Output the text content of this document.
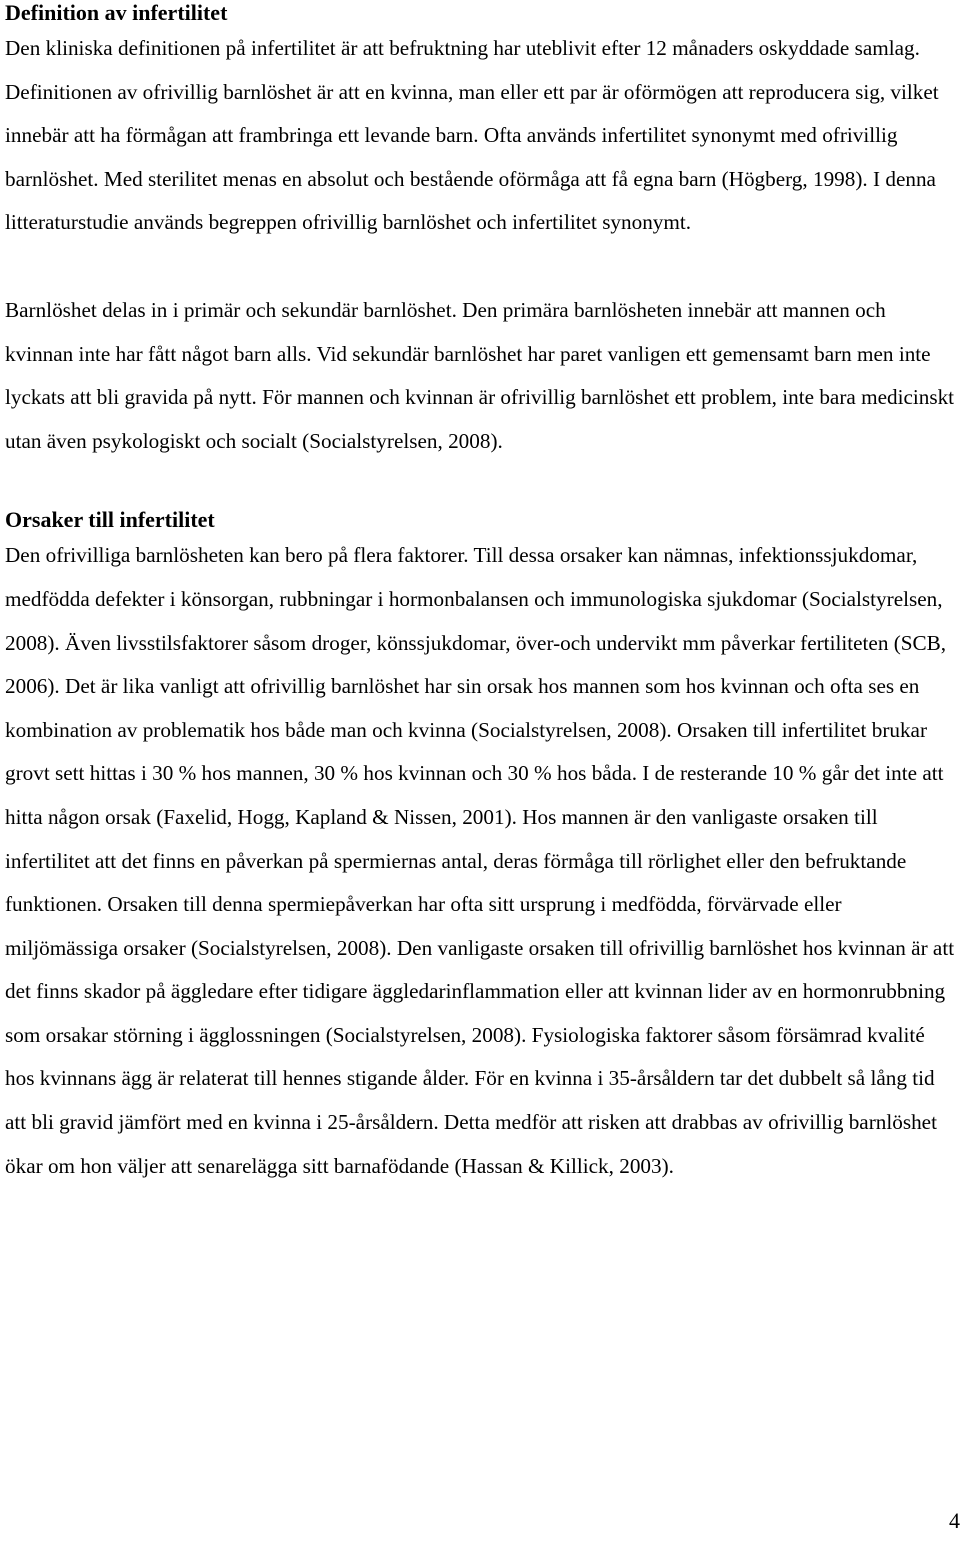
Definition av infertilitet

Den kliniska definitionen på infertilitet är att befruktning har uteblivit efter 12 månaders oskyddade samlag. Definitionen av ofrivillig barnlöshet är att en kvinna, man eller ett par är oförmögen att reproducera sig, vilket innebär att ha förmågan att frambringa ett levande barn. Ofta används infertilitet synonymt med ofrivillig barnlöshet. Med sterilitet menas en absolut och bestående oförmåga att få egna barn (Högberg, 1998). I denna litteraturstudie används begreppen ofrivillig barnlöshet och infertilitet synonymt.

Barnlöshet delas in i primär och sekundär barnlöshet. Den primära barnlösheten innebär att mannen och kvinnan inte har fått något barn alls. Vid sekundär barnlöshet har paret vanligen ett gemensamt barn men inte lyckats att bli gravida på nytt. För mannen och kvinnan är ofrivillig barnlöshet ett problem, inte bara medicinskt utan även psykologiskt och socialt (Socialstyrelsen, 2008).

Orsaker till infertilitet

Den ofrivilliga barnlösheten kan bero på flera faktorer. Till dessa orsaker kan nämnas, infektionssjukdomar, medfödda defekter i könsorgan, rubbningar i hormonbalansen och immunologiska sjukdomar (Socialstyrelsen, 2008). Även livsstilsfaktorer såsom droger, könssjukdomar, över-och undervikt mm påverkar fertiliteten (SCB, 2006). Det är lika vanligt att ofrivillig barnlöshet har sin orsak hos mannen som hos kvinnan och ofta ses en kombination av problematik hos både man och kvinna (Socialstyrelsen, 2008). Orsaken till infertilitet brukar grovt sett hittas i 30 % hos mannen, 30 % hos kvinnan och 30 % hos båda. I de resterande 10 % går det inte att hitta någon orsak (Faxelid, Hogg, Kapland & Nissen, 2001). Hos mannen är den vanligaste orsaken till infertilitet att det finns en påverkan på spermiernas antal, deras förmåga till rörlighet eller den befruktande funktionen. Orsaken till denna spermiepåverkan har ofta sitt ursprung i medfödda, förvärvade eller miljömässiga orsaker (Socialstyrelsen, 2008). Den vanligaste orsaken till ofrivillig barnlöshet hos kvinnan är att det finns skador på äggledare efter tidigare äggledarinflammation eller att kvinnan lider av en hormonrubbning som orsakar störning i ägglossningen (Socialstyrelsen, 2008). Fysiologiska faktorer såsom försämrad kvalité hos kvinnans ägg är relaterat till hennes stigande ålder. För en kvinna i 35-årsåldern tar det dubbelt så lång tid att bli gravid jämfört med en kvinna i 25-årsåldern. Detta medför att risken att drabbas av ofrivillig barnlöshet ökar om hon väljer att senarelägga sitt barnafödande (Hassan & Killick, 2003).

4
